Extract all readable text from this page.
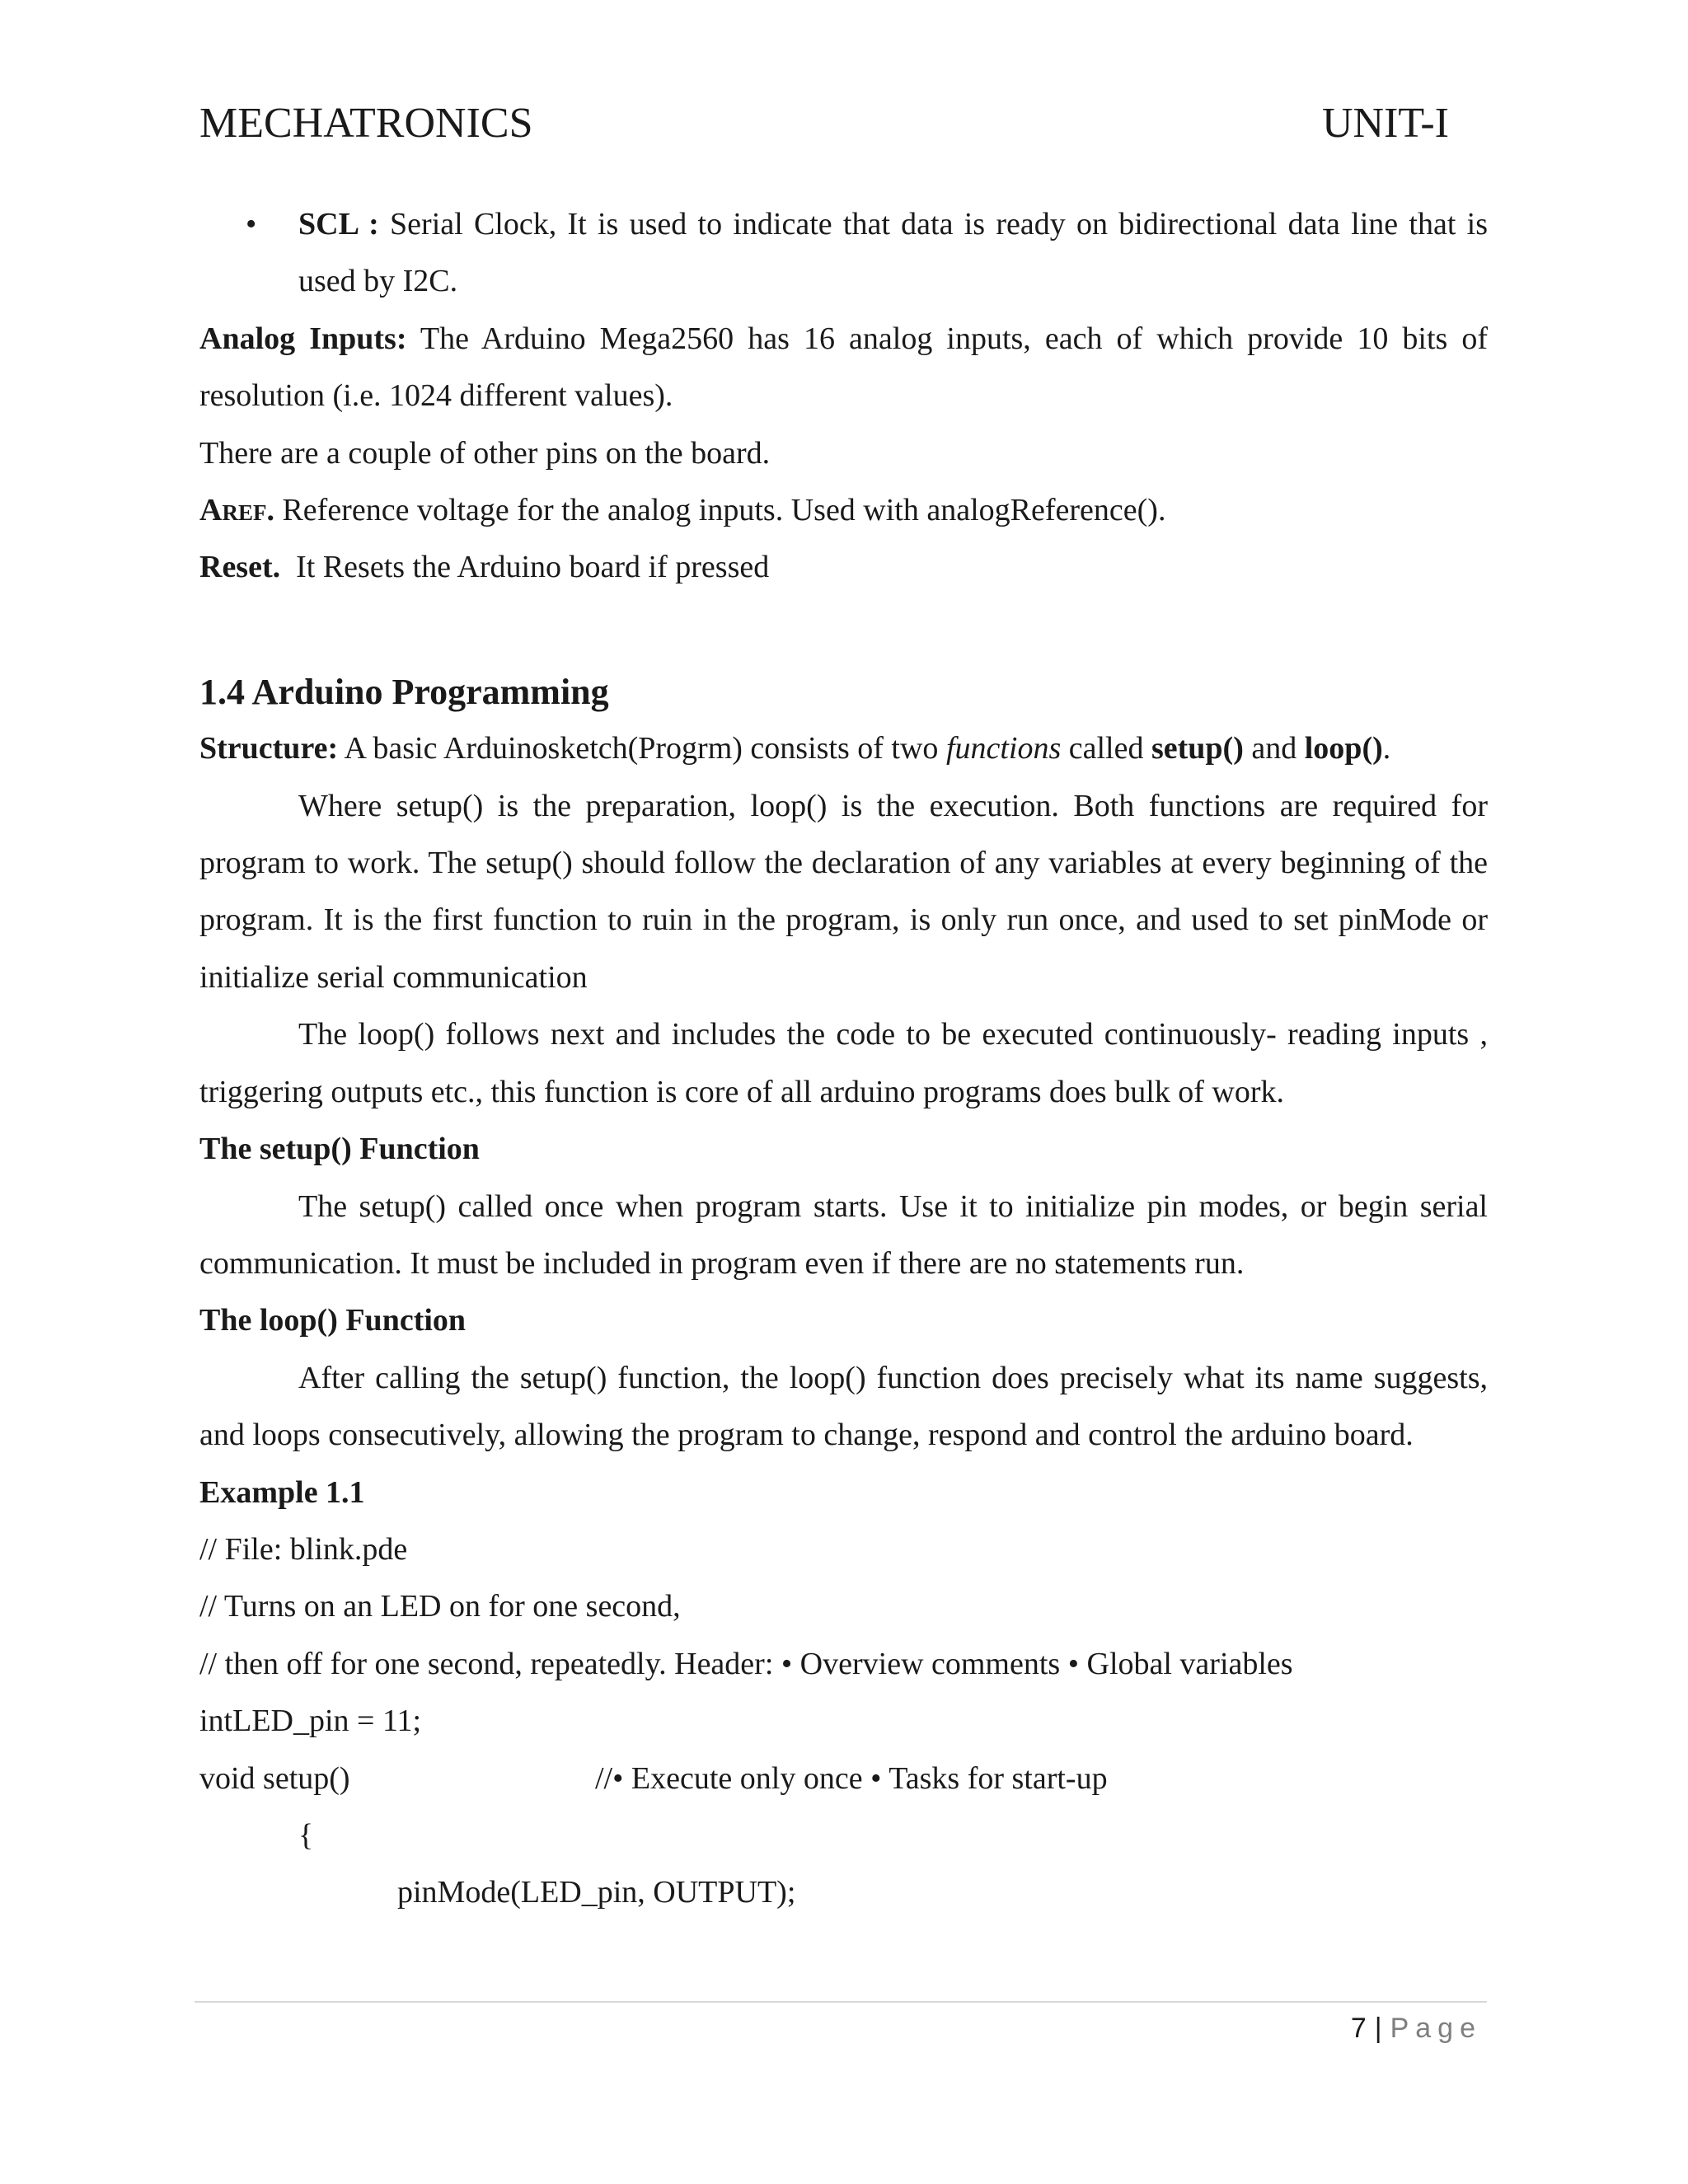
MECHATRONICS	UNIT-I

• SCL : Serial Clock, It is used to indicate that data is ready on bidirectional data line that is used by I2C.

Analog Inputs: The Arduino Mega2560 has 16 analog inputs, each of which provide 10 bits of resolution (i.e. 1024 different values).

There are a couple of other pins on the board.

Aref. Reference voltage for the analog inputs. Used with analogReference().

Reset.  It Resets the Arduino board if pressed

1.4 Arduino Programming

Structure: A basic Arduinosketch(Progrm) consists of two functions called setup() and loop().

Where setup() is the preparation, loop() is the execution. Both functions are required for program to work. The setup() should follow the declaration of any variables at every beginning of the program. It is the first function to ruin in the program, is only run once, and used to set pinMode or initialize serial communication

The loop() follows next and includes the code to be executed continuously- reading inputs , triggering outputs etc., this function is core of all arduino programs does bulk of work.

The setup() Function

The setup() called once when program starts. Use it to initialize pin modes, or begin serial communication. It must be included in program even if there are no statements run.

The loop() Function

After calling the setup() function, the loop() function does precisely what its name suggests, and loops consecutively, allowing the program to change, respond and control the arduino board.

Example 1.1

// File: blink.pde

// Turns on an LED on for one second,

// then off for one second, repeatedly. Header: • Overview comments • Global variables

intLED_pin = 11;

void setup()	//• Execute only once • Tasks for start-up

{

pinMode(LED_pin, OUTPUT);

7 | Page
